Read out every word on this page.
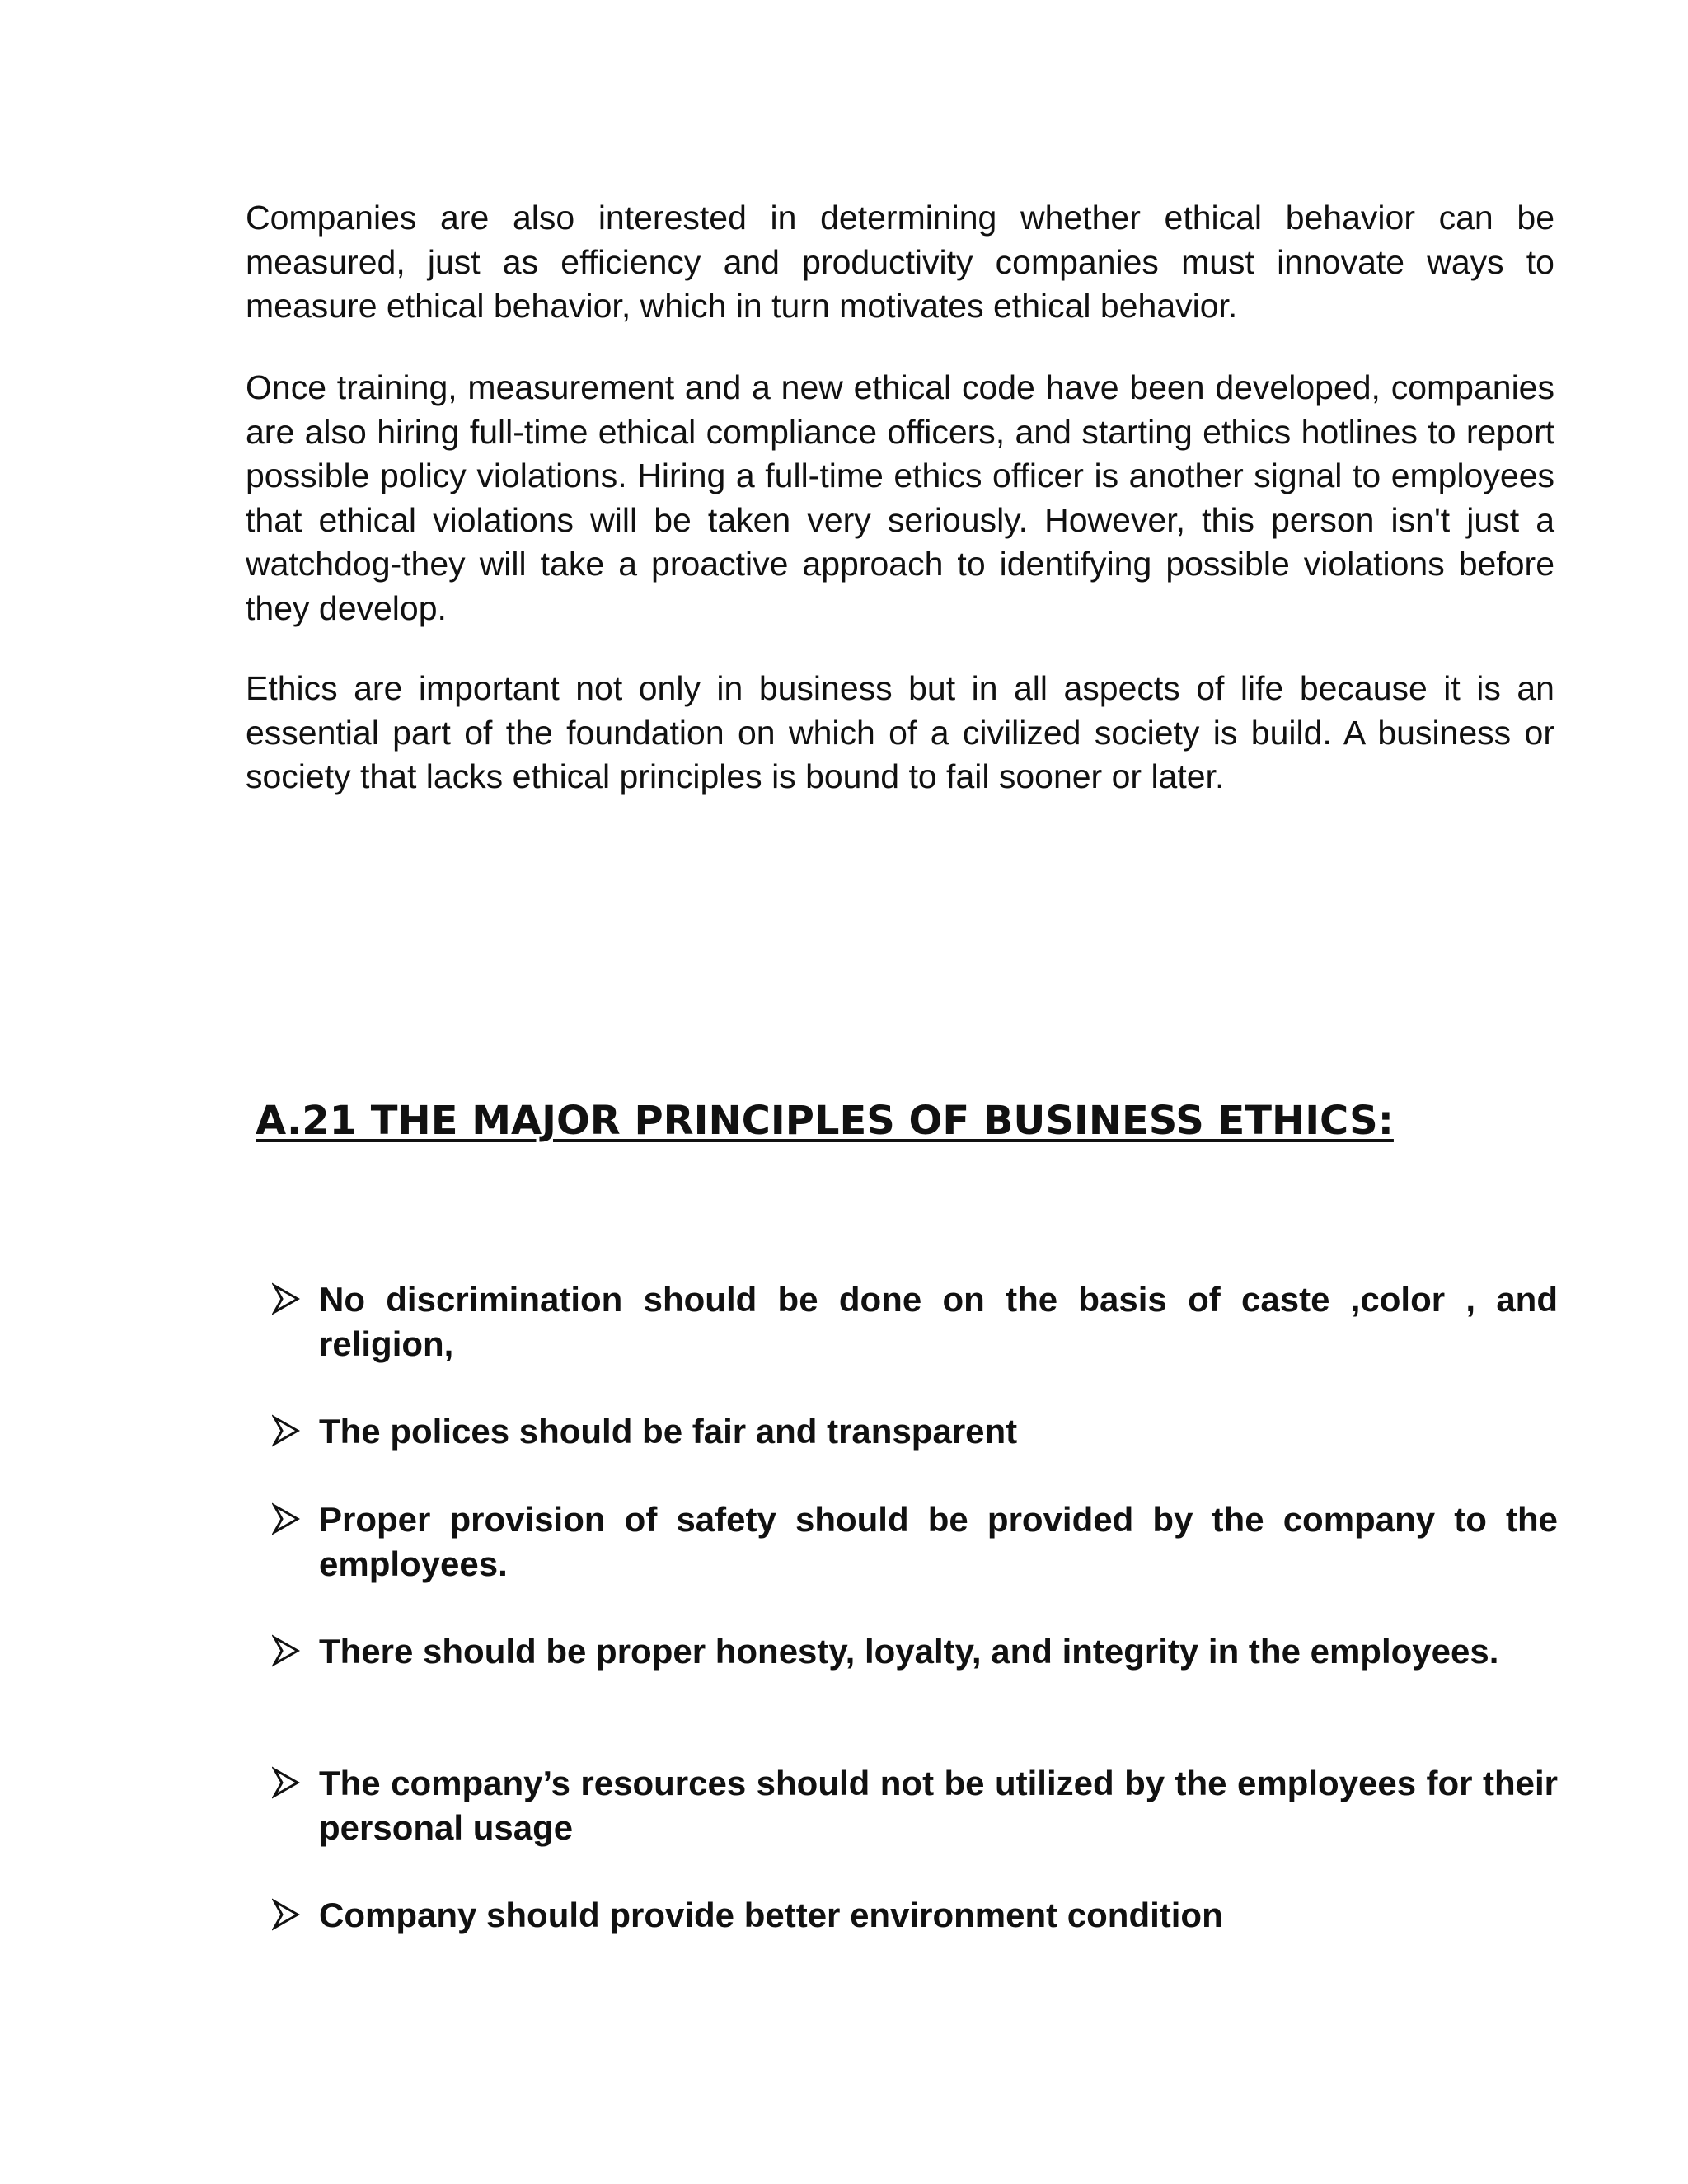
Companies are also interested in determining whether ethical behavior can be measured, just as efficiency and productivity companies must innovate ways to measure ethical behavior, which in turn motivates ethical behavior.

Once training, measurement and a new ethical code have been developed, companies are also hiring full-time ethical compliance officers, and starting ethics hotlines to report possible policy violations. Hiring a full-time ethics officer is another signal to employees that ethical violations will be taken very seriously. However, this person isn't just a watchdog-they will take a proactive approach to identifying possible violations before they develop.

Ethics are important not only in business but in all aspects of life because it is an essential part of the foundation on which of a civilized society is build. A business or society that lacks ethical principles is bound to fail sooner or later.

A.21 THE MAJOR PRINCIPLES OF BUSINESS ETHICS:
No discrimination should be done on the basis of caste ,color , and religion,
The polices should be fair and transparent
Proper provision of safety should be provided by the company to the employees.
There should be proper honesty, loyalty, and integrity in the employees.
The company’s resources should not be utilized by the employees for their personal usage
Company should provide better environment condition
